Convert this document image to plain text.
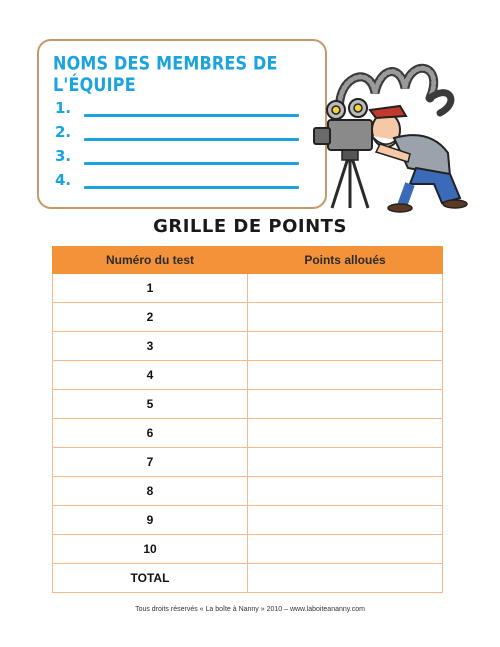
NOMS DES MEMBRES DE L'ÉQUIPE
1.
2.
3.
4.
GRILLE DE POINTS
Numéro du test	Points alloués
1	
2	
3	
4	
5	
6	
7	
8	
9	
10	
TOTAL	
Tous droits réservés « La boîte à Nanny » 2010 – www.laboiteananny.com
